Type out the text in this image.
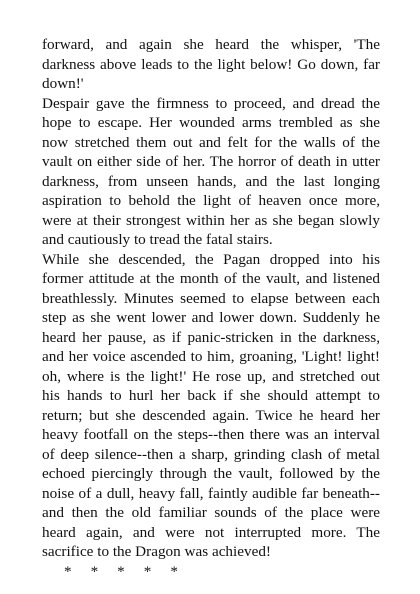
forward, and again she heard the whisper, 'The darkness above leads to the light below! Go down, far down!'

Despair gave the firmness to proceed, and dread the hope to escape. Her wounded arms trembled as she now stretched them out and felt for the walls of the vault on either side of her. The horror of death in utter darkness, from unseen hands, and the last longing aspiration to behold the light of heaven once more, were at their strongest within her as she began slowly and cautiously to tread the fatal stairs.

While she descended, the Pagan dropped into his former attitude at the month of the vault, and listened breathlessly. Minutes seemed to elapse between each step as she went lower and lower down. Suddenly he heard her pause, as if panic-stricken in the darkness, and her voice ascended to him, groaning, 'Light! light! oh, where is the light!' He rose up, and stretched out his hands to hurl her back if she should attempt to return; but she descended again. Twice he heard her heavy footfall on the steps--then there was an interval of deep silence--then a sharp, grinding clash of metal echoed piercingly through the vault, followed by the noise of a dull, heavy fall, faintly audible far beneath--and then the old familiar sounds of the place were heard again, and were not interrupted more. The sacrifice to the Dragon was achieved!

*     *     *     *     *
